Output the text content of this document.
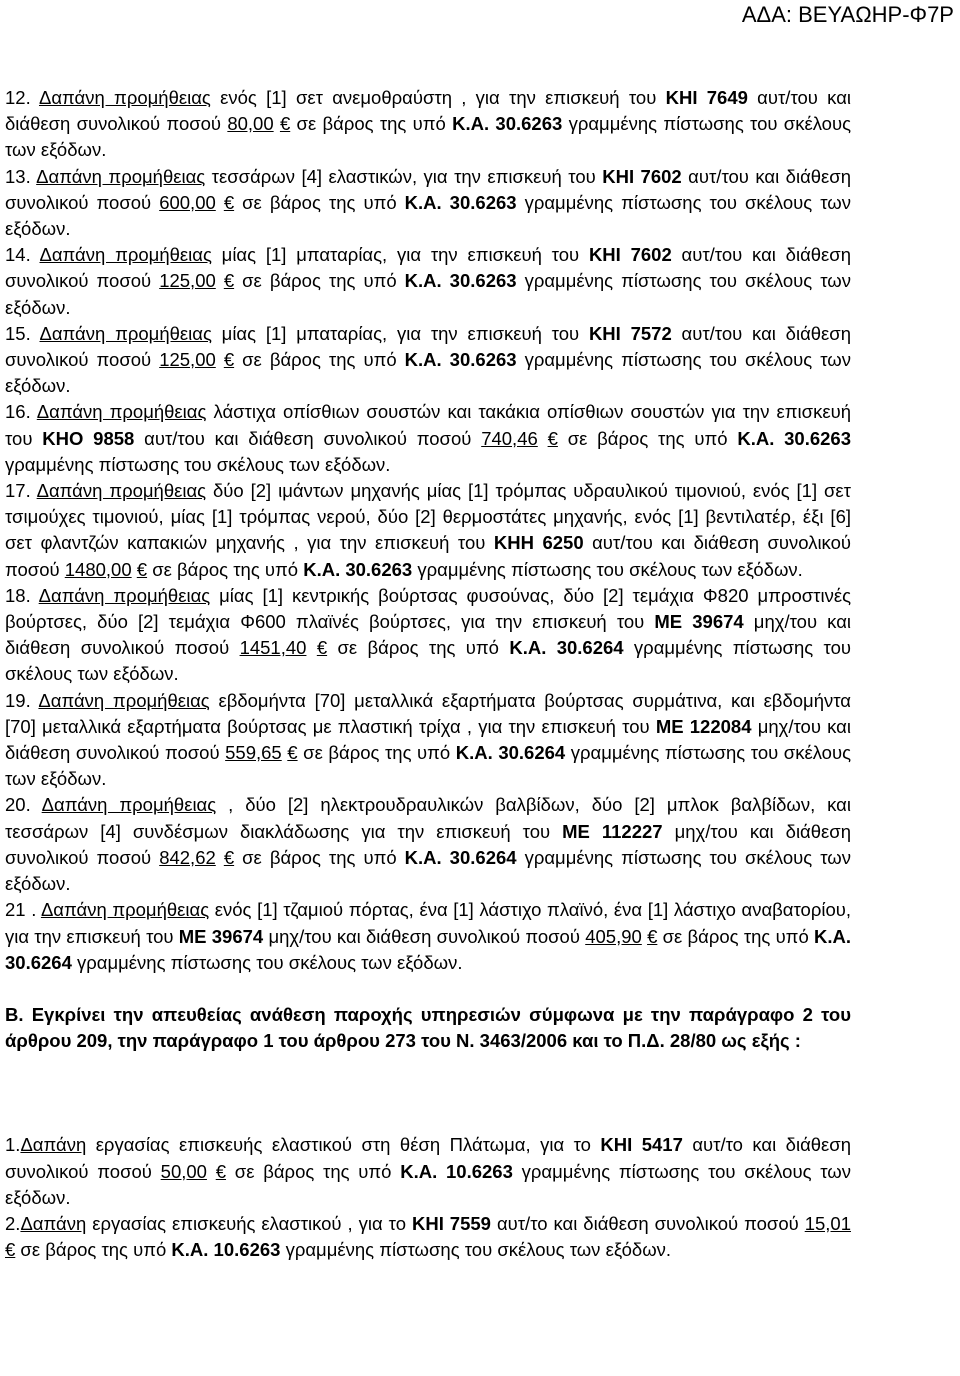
ΑΔΑ: ΒΕΥΑΩΗΡ-Φ7Ρ
12. Δαπάνη προμήθειας ενός [1] σετ ανεμοθραύστη , για την επισκευή του ΚΗΙ 7649 αυτ/του και διάθεση συνολικού ποσού 80,00 € σε βάρος της υπό Κ.Α. 30.6263 γραμμένης πίστωσης του σκέλους των εξόδων.
13. Δαπάνη προμήθειας τεσσάρων [4] ελαστικών, για την επισκευή του ΚΗΙ 7602 αυτ/του και διάθεση συνολικού ποσού 600,00 € σε βάρος της υπό Κ.Α. 30.6263 γραμμένης πίστωσης του σκέλους των εξόδων.
14. Δαπάνη προμήθειας μίας [1] μπαταρίας, για την επισκευή του ΚΗΙ 7602 αυτ/του και διάθεση συνολικού ποσού 125,00 € σε βάρος της υπό Κ.Α. 30.6263 γραμμένης πίστωσης του σκέλους των εξόδων.
15. Δαπάνη προμήθειας μίας [1] μπαταρίας, για την επισκευή του ΚΗΙ 7572 αυτ/του και διάθεση συνολικού ποσού 125,00 € σε βάρος της υπό Κ.Α. 30.6263 γραμμένης πίστωσης του σκέλους των εξόδων.
16. Δαπάνη προμήθειας λάστιχα οπίσθιων σουστών και τακάκια οπίσθιων σουστών για την επισκευή του ΚΗΟ 9858 αυτ/του και διάθεση συνολικού ποσού 740,46 € σε βάρος της υπό Κ.Α. 30.6263 γραμμένης πίστωσης του σκέλους των εξόδων.
17. Δαπάνη προμήθειας δύο [2] ιμάντων μηχανής μίας [1] τρόμπας υδραυλικού τιμονιού, ενός [1] σετ τσιμούχες τιμονιού, μίας [1] τρόμπας νερού, δύο [2] θερμοστάτες μηχανής, ενός [1] βεντιλατέρ, έξι [6] σετ φλαντζών καπακιών μηχανής , για την επισκευή του ΚΗΗ 6250 αυτ/του και διάθεση συνολικού ποσού 1480,00 € σε βάρος της υπό Κ.Α. 30.6263 γραμμένης πίστωσης του σκέλους των εξόδων.
18. Δαπάνη προμήθειας μίας [1] κεντρικής βούρτσας φυσούνας, δύο [2] τεμάχια Φ820 μπροστινές βούρτσες, δύο [2] τεμάχια Φ600 πλαϊνές βούρτσες, για την επισκευή του ΜΕ 39674 μηχ/του και διάθεση συνολικού ποσού 1451,40 € σε βάρος της υπό Κ.Α. 30.6264 γραμμένης πίστωσης του σκέλους των εξόδων.
19. Δαπάνη προμήθειας εβδομήντα [70] μεταλλικά εξαρτήματα βούρτσας συρμάτινα, και εβδομήντα [70] μεταλλικά εξαρτήματα βούρτσας με πλαστική τρίχα , για την επισκευή του ΜΕ 122084 μηχ/του και διάθεση συνολικού ποσού 559,65 € σε βάρος της υπό Κ.Α. 30.6264 γραμμένης πίστωσης του σκέλους των εξόδων.
20. Δαπάνη προμήθειας , δύο [2] ηλεκτρουδραυλικών βαλβίδων, δύο [2] μπλοκ βαλβίδων, και τεσσάρων [4] συνδέσμων διακλάδωσης για την επισκευή του ΜΕ 112227 μηχ/του και διάθεση συνολικού ποσού 842,62 € σε βάρος της υπό Κ.Α. 30.6264 γραμμένης πίστωσης του σκέλους των εξόδων.
21 . Δαπάνη προμήθειας ενός [1] τζαμιού πόρτας, ένα [1] λάστιχο πλαϊνό, ένα [1] λάστιχο αναβατορίου, για την επισκευή του ΜΕ 39674 μηχ/του και διάθεση συνολικού ποσού 405,90 € σε βάρος της υπό Κ.Α. 30.6264 γραμμένης πίστωσης του σκέλους των εξόδων.
Β. Εγκρίνει την απευθείας ανάθεση παροχής υπηρεσιών σύμφωνα με την παράγραφο 2 του άρθρου 209, την παράγραφο 1 του άρθρου 273 του Ν. 3463/2006 και το Π.Δ. 28/80 ως εξής :
1.Δαπάνη εργασίας επισκευής ελαστικού στη θέση Πλάτωμα, για το ΚΗΙ 5417 αυτ/το και διάθεση συνολικού ποσού 50,00 € σε βάρος της υπό Κ.Α. 10.6263 γραμμένης πίστωσης του σκέλους των εξόδων.
2.Δαπάνη εργασίας επισκευής ελαστικού , για το ΚΗΙ 7559 αυτ/το και διάθεση συνολικού ποσού 15,01 € σε βάρος της υπό Κ.Α. 10.6263 γραμμένης πίστωσης του σκέλους των εξόδων.
